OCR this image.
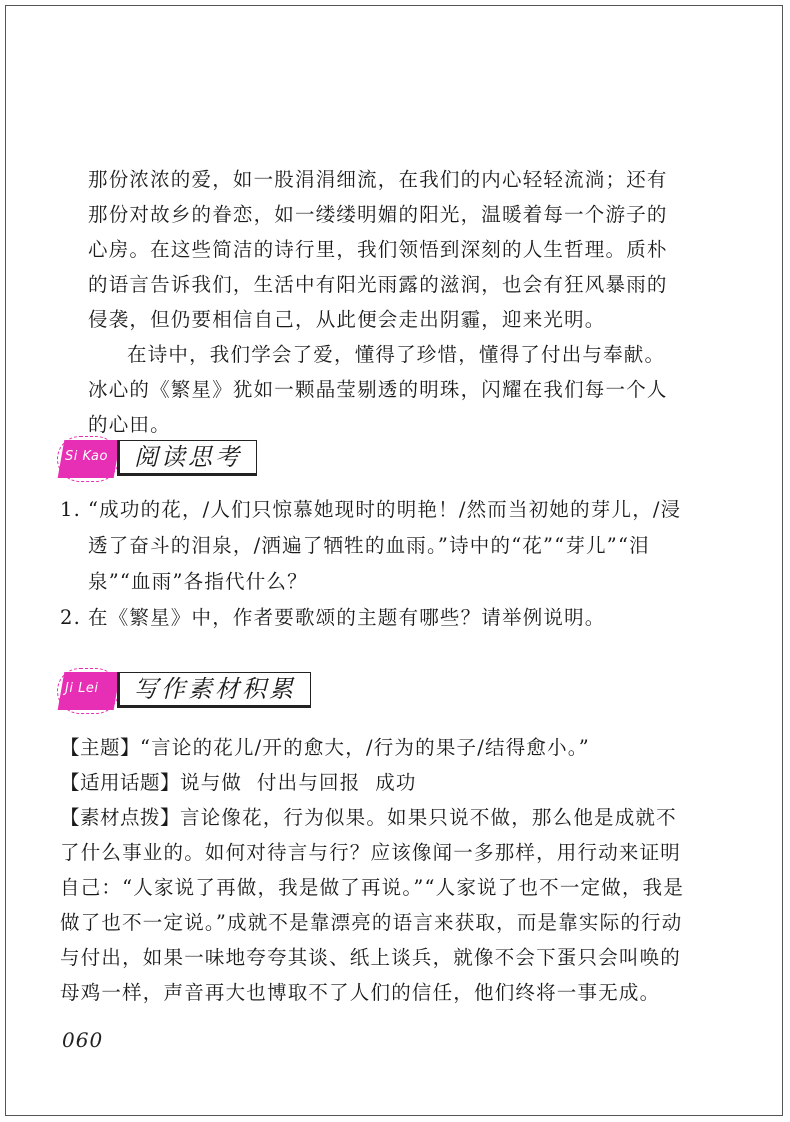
那份浓浓的爱，如一股涓涓细流，在我们的内心轻轻流淌；还有那份对故乡的眷恋，如一缕缕明媚的阳光，温暖着每一个游子的心房。在这些简洁的诗行里，我们领悟到深刻的人生哲理。质朴的语言告诉我们，生活中有阳光雨露的滋润，也会有狂风暴雨的侵袭，但仍要相信自己，从此便会走出阴霾，迎来光明。

在诗中，我们学会了爱，懂得了珍惜，懂得了付出与奉献。冰心的《繁星》犹如一颗晶莹剔透的明珠，闪耀在我们每一个人的心田。

Si Kao	阅读思考
1. “成功的花，/人们只惊慕她现时的明艳！/然而当初她的芽儿，/浸透了奋斗的泪泉，/洒遍了牺牲的血雨。”诗中的“花”“芽儿”“泪泉”“血雨”各指代什么？
2. 在《繁星》中，作者要歌颂的主题有哪些？请举例说明。
Ji Lei	写作素材积累

【主题】“言论的花儿/开的愈大，/行为的果子/结得愈小。”

【适用话题】说与做  付出与回报  成功

【素材点拨】言论像花，行为似果。如果只说不做，那么他是成就不了什么事业的。如何对待言与行？应该像闻一多那样，用行动来证明自己：“人家说了再做，我是做了再说。”“人家说了也不一定做，我是做了也不一定说。”成就不是靠漂亮的语言来获取，而是靠实际的行动与付出，如果一味地夸夸其谈、纸上谈兵，就像不会下蛋只会叫唤的母鸡一样，声音再大也博取不了人们的信任，他们终将一事无成。

060
